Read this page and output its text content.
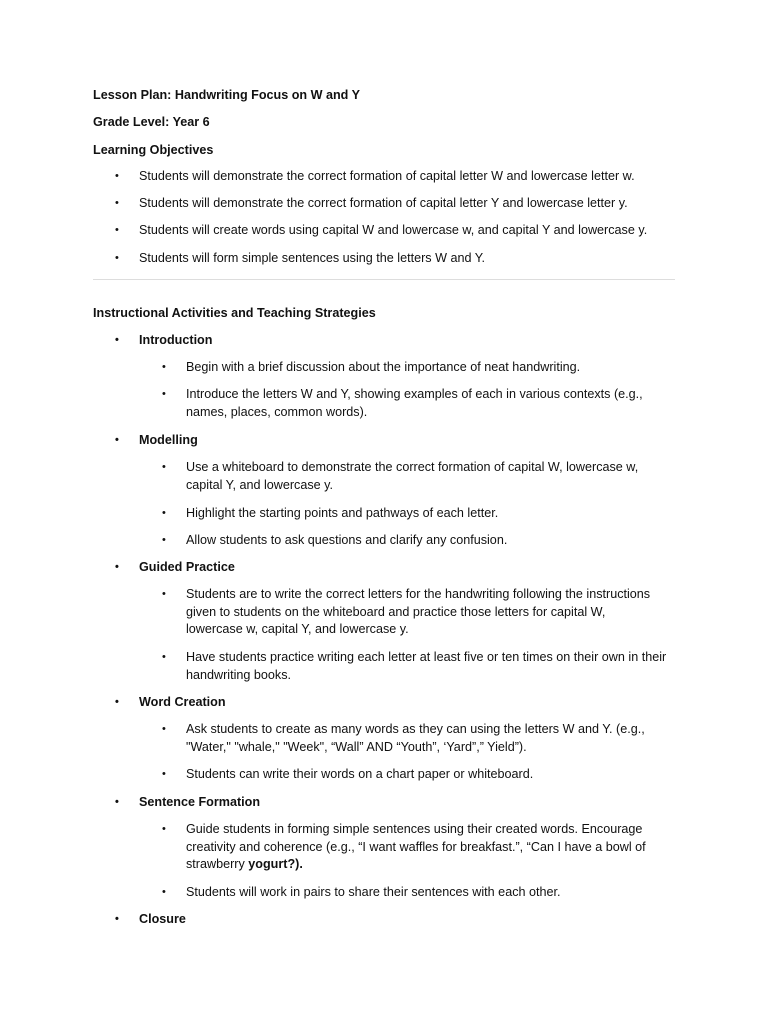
Lesson Plan: Handwriting Focus on W and Y

Grade Level: Year 6

Learning Objectives

• Students will demonstrate the correct formation of capital letter W and lowercase letter w.
• Students will demonstrate the correct formation of capital letter Y and lowercase letter y.
• Students will create words using capital W and lowercase w, and capital Y and lowercase y.
• Students will form simple sentences using the letters W and Y.

Instructional Activities and Teaching Strategies

• Introduction
• Begin with a brief discussion about the importance of neat handwriting.
• Introduce the letters W and Y, showing examples of each in various contexts (e.g., names, places, common words).
• Modelling
• Use a whiteboard to demonstrate the correct formation of capital W, lowercase w, capital Y, and lowercase y.
• Highlight the starting points and pathways of each letter.
• Allow students to ask questions and clarify any confusion.
• Guided Practice
• Students are to write the correct letters for the handwriting following the instructions given to students on the whiteboard and practice those letters for capital W, lowercase w, capital Y, and lowercase y.
• Have students practice writing each letter at least five or ten times on their own in their handwriting books.
• Word Creation
• Ask students to create as many words as they can using the letters W and Y. (e.g., "Water," "whale," "Week", “Wall” AND “Youth”, ‘Yard”,” Yield”).
• Students can write their words on a chart paper or whiteboard.
• Sentence Formation
• Guide students in forming simple sentences using their created words. Encourage creativity and coherence (e.g., “I want waffles for breakfast.”, “Can I have a bowl of strawberry yogurt?).
• Students will work in pairs to share their sentences with each other.
• Closure
